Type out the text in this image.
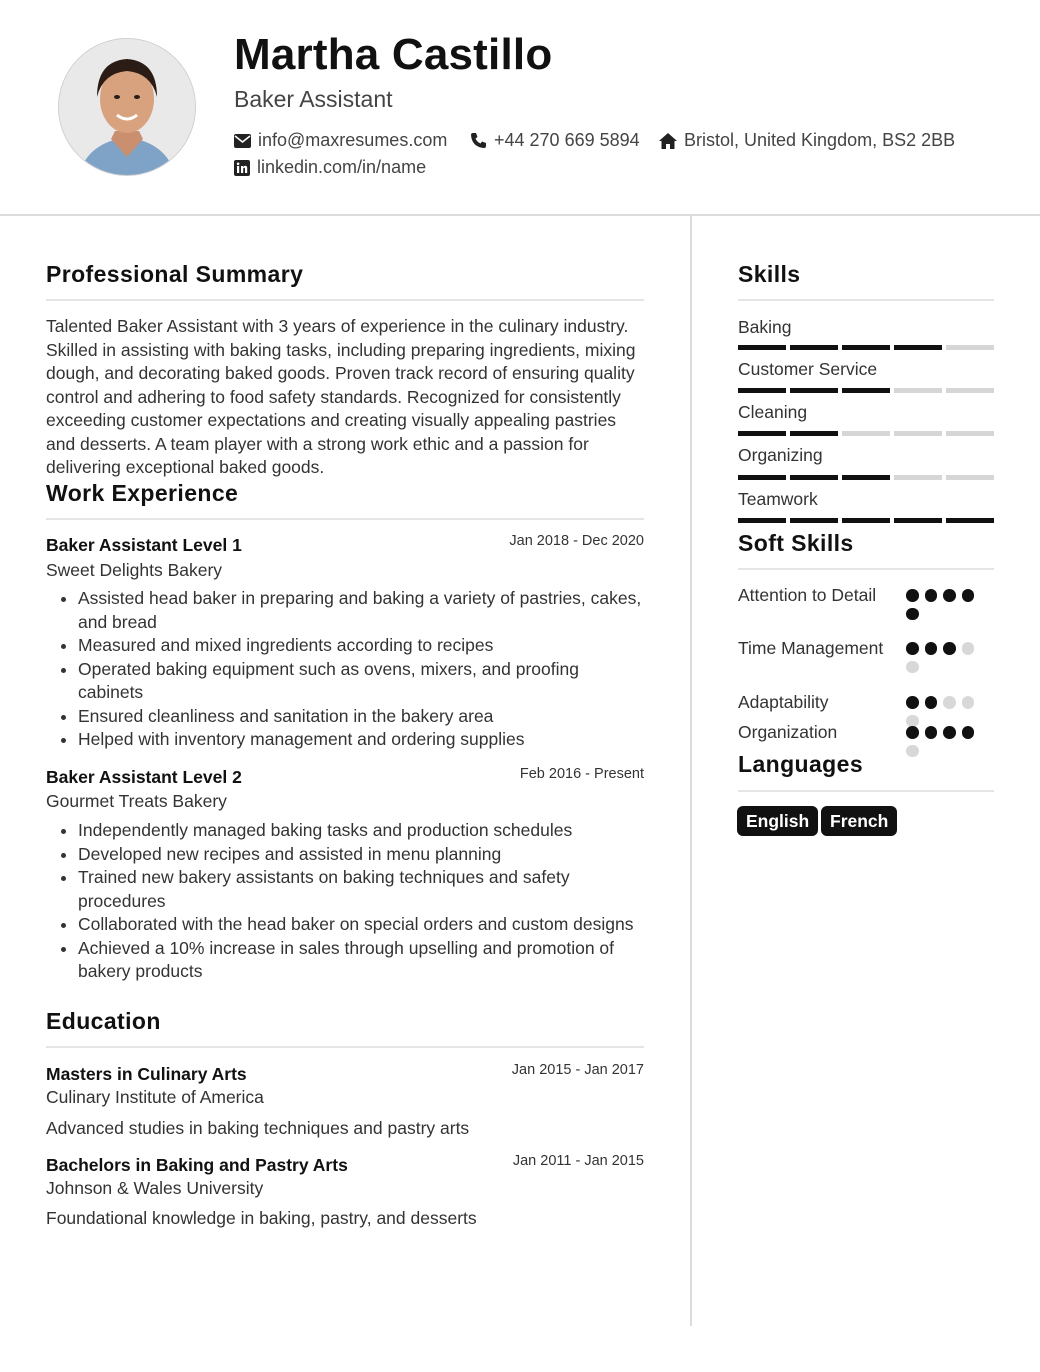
Martha Castillo
Baker Assistant
info@maxresumes.com	+44 270 669 5894 Bristol, United Kingdom, BS2 2BB
linkedin.com/in/name
Professional Summary
Talented Baker Assistant with 3 years of experience in the culinary industry. Skilled in assisting with baking tasks, including preparing ingredients, mixing dough, and decorating baked goods. Proven track record of ensuring quality control and adhering to food safety standards. Recognized for consistently exceeding customer expectations and creating visually appealing pastries and desserts. A team player with a strong work ethic and a passion for delivering exceptional baked goods.
Work Experience
Baker Assistant Level 1	Jan 2018 - Dec 2020
Sweet Delights Bakery
• Assisted head baker in preparing and baking a variety of pastries, cakes, and bread
• Measured and mixed ingredients according to recipes
• Operated baking equipment such as ovens, mixers, and proofing cabinets
• Ensured cleanliness and sanitation in the bakery area
• Helped with inventory management and ordering supplies
Baker Assistant Level 2	Feb 2016 - Present
Gourmet Treats Bakery
• Independently managed baking tasks and production schedules
• Developed new recipes and assisted in menu planning
• Trained new bakery assistants on baking techniques and safety procedures
• Collaborated with the head baker on special orders and custom designs
• Achieved a 10% increase in sales through upselling and promotion of bakery products
Education
Masters in Culinary Arts	Jan 2015 - Jan 2017
Culinary Institute of America
Advanced studies in baking techniques and pastry arts
Bachelors in Baking and Pastry Arts	Jan 2011 - Jan 2015
Johnson & Wales University
Foundational knowledge in baking, pastry, and desserts
Skills
Baking
Customer Service
Cleaning
Organizing
Teamwork
Soft Skills
Attention to Detail
Time Management
Adaptability
Organization
Languages
English	French
